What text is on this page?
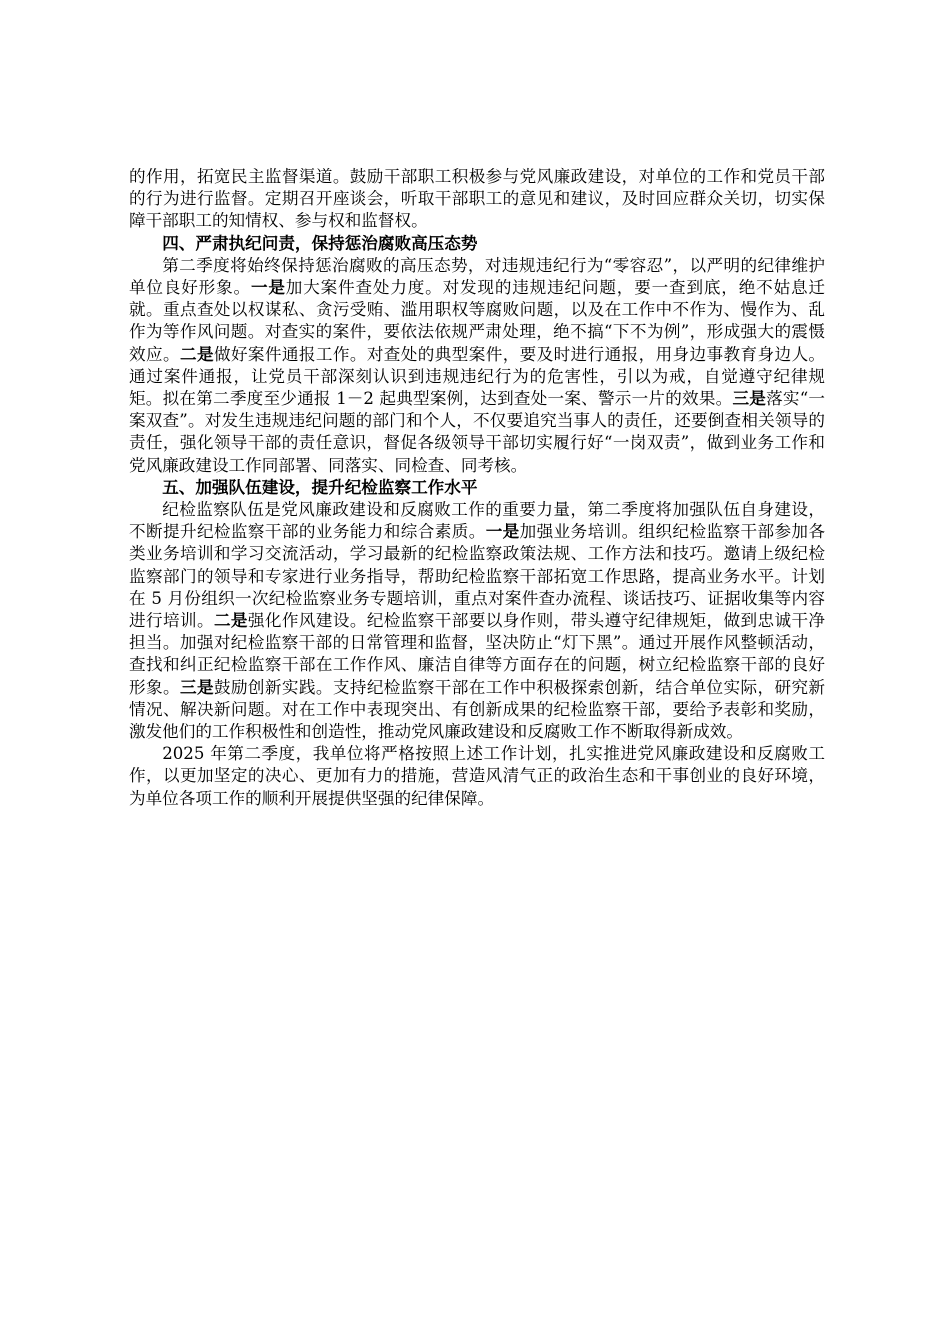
的作用，拓宽民主监督渠道。鼓励干部职工积极参与党风廉政建设，对单位的工作和党员干部的行为进行监督。定期召开座谈会，听取干部职工的意见和建议，及时回应群众关切，切实保障干部职工的知情权、参与权和监督权。

四、严肃执纪问责，保持惩治腐败高压态势

第二季度将始终保持惩治腐败的高压态势，对违规违纪行为“零容忍”，以严明的纪律维护单位良好形象。一是加大案件查处力度。对发现的违规违纪问题，要一查到底，绝不姑息迁就。重点查处以权谋私、贪污受贿、滥用职权等腐败问题，以及在工作中不作为、慢作为、乱作为等作风问题。对查实的案件，要依法依规严肃处理，绝不搞“下不为例”，形成强大的震慑效应。二是做好案件通报工作。对查处的典型案件，要及时进行通报，用身边事教育身边人。通过案件通报，让党员干部深刻认识到违规违纪行为的危害性，引以为戒，自觉遵守纪律规矩。拟在第二季度至少通报 1－2 起典型案例，达到查处一案、警示一片的效果。三是落实“一案双查”。对发生违规违纪问题的部门和个人，不仅要追究当事人的责任，还要倒查相关领导的责任，强化领导干部的责任意识，督促各级领导干部切实履行好“一岗双责”，做到业务工作和党风廉政建设工作同部署、同落实、同检查、同考核。

五、加强队伍建设，提升纪检监察工作水平

纪检监察队伍是党风廉政建设和反腐败工作的重要力量，第二季度将加强队伍自身建设，不断提升纪检监察干部的业务能力和综合素质。一是加强业务培训。组织纪检监察干部参加各类业务培训和学习交流活动，学习最新的纪检监察政策法规、工作方法和技巧。邀请上级纪检监察部门的领导和专家进行业务指导，帮助纪检监察干部拓宽工作思路，提高业务水平。计划在 5 月份组织一次纪检监察业务专题培训，重点对案件查办流程、谈话技巧、证据收集等内容进行培训。二是强化作风建设。纪检监察干部要以身作则，带头遵守纪律规矩，做到忠诚干净担当。加强对纪检监察干部的日常管理和监督，坚决防止“灯下黑”。通过开展作风整顿活动，查找和纠正纪检监察干部在工作作风、廉洁自律等方面存在的问题，树立纪检监察干部的良好形象。三是鼓励创新实践。支持纪检监察干部在工作中积极探索创新，结合单位实际，研究新情况、解决新问题。对在工作中表现突出、有创新成果的纪检监察干部，要给予表彰和奖励，激发他们的工作积极性和创造性，推动党风廉政建设和反腐败工作不断取得新成效。

2025 年第二季度，我单位将严格按照上述工作计划，扎实推进党风廉政建设和反腐败工作，以更加坚定的决心、更加有力的措施，营造风清气正的政治生态和干事创业的良好环境，为单位各项工作的顺利开展提供坚强的纪律保障。
